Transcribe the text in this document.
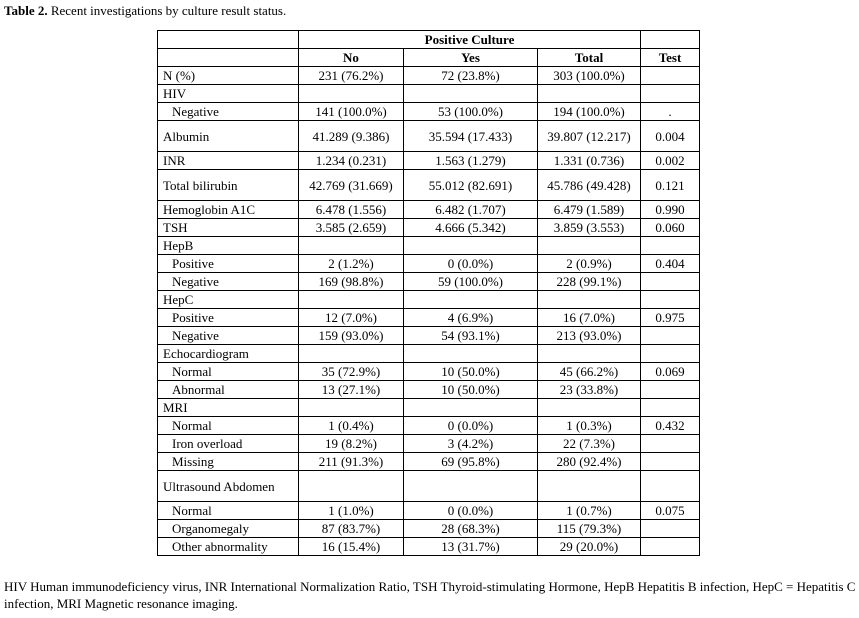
Table 2. Recent investigations by culture result status.
	Positive Culture			
	No	Yes	Total	Test
N (%)	231 (76.2%)	72 (23.8%)	303 (100.0%)	
HIV				
Negative	141 (100.0%)	53 (100.0%)	194 (100.0%)	.
Albumin	41.289 (9.386)	35.594 (17.433)	39.807 (12.217)	0.004
INR	1.234 (0.231)	1.563 (1.279)	1.331 (0.736)	0.002
Total bilirubin	42.769 (31.669)	55.012 (82.691)	45.786 (49.428)	0.121
Hemoglobin A1C	6.478 (1.556)	6.482 (1.707)	6.479 (1.589)	0.990
TSH	3.585 (2.659)	4.666 (5.342)	3.859 (3.553)	0.060
HepB				
Positive	2 (1.2%)	0 (0.0%)	2 (0.9%)	0.404
Negative	169 (98.8%)	59 (100.0%)	228 (99.1%)	
HepC				
Positive	12 (7.0%)	4 (6.9%)	16 (7.0%)	0.975
Negative	159 (93.0%)	54 (93.1%)	213 (93.0%)	
Echocardiogram				
Normal	35 (72.9%)	10 (50.0%)	45 (66.2%)	0.069
Abnormal	13 (27.1%)	10 (50.0%)	23 (33.8%)	
MRI				
Normal	1 (0.4%)	0 (0.0%)	1 (0.3%)	0.432
Iron overload	19 (8.2%)	3 (4.2%)	22 (7.3%)	
Missing	211 (91.3%)	69 (95.8%)	280 (92.4%)	
Ultrasound Abdomen				
Normal	1 (1.0%)	0 (0.0%)	1 (0.7%)	0.075
Organomegaly	87 (83.7%)	28 (68.3%)	115 (79.3%)	
Other abnormality	16 (15.4%)	13 (31.7%)	29 (20.0%)	
HIV Human immunodeficiency virus, INR International Normalization Ratio, TSH Thyroid-stimulating Hormone, HepB Hepatitis B infection, HepC = Hepatitis C infection, MRI Magnetic resonance imaging.
